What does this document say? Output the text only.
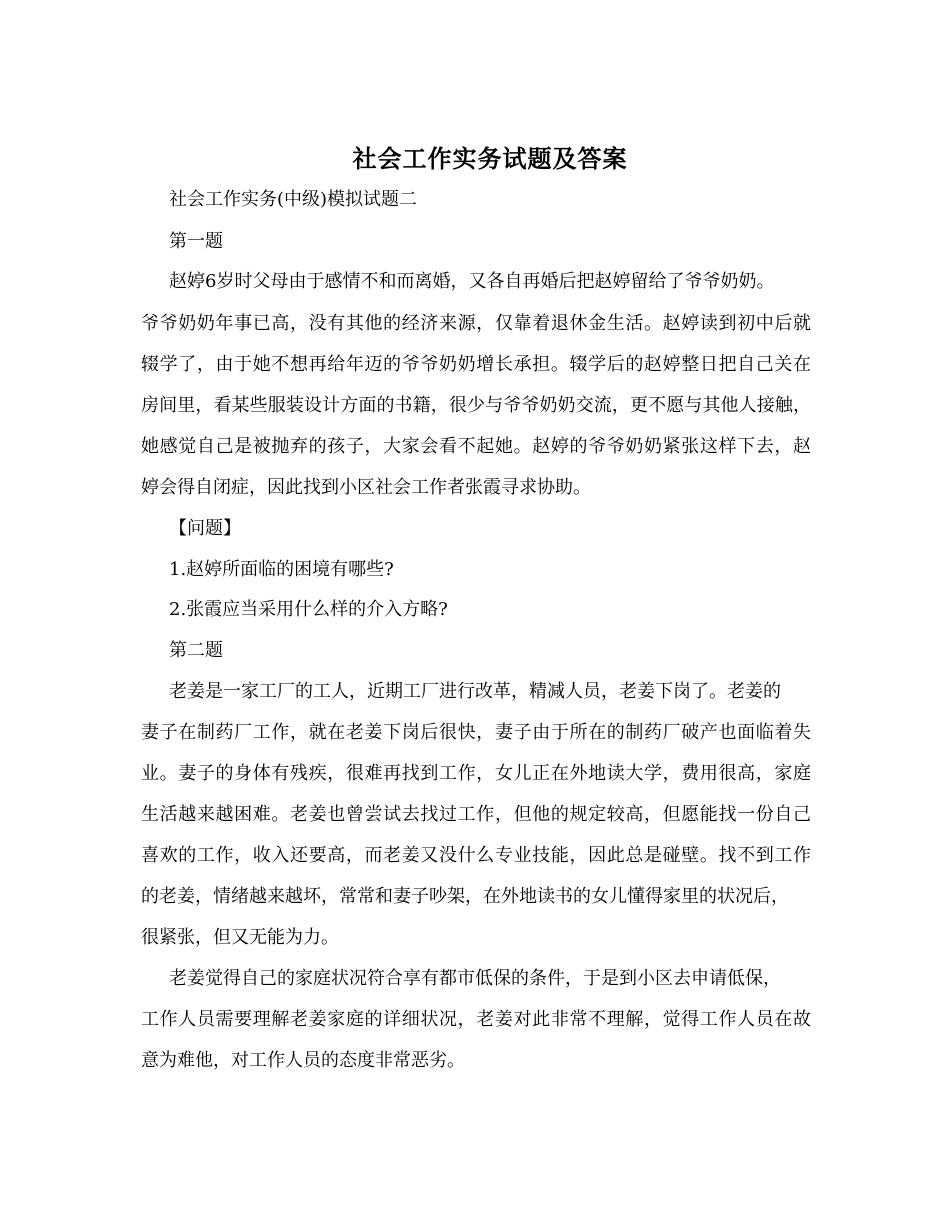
社会工作实务试题及答案
社会工作实务(中级)模拟试题二
第一题
赵婷6岁时父母由于感情不和而离婚，又各自再婚后把赵婷留给了爷爷奶奶。
爷爷奶奶年事已高，没有其他的经济来源，仅靠着退休金生活。赵婷读到初中后就
辍学了，由于她不想再给年迈的爷爷奶奶增长承担。辍学后的赵婷整日把自己关在
房间里，看某些服装设计方面的书籍，很少与爷爷奶奶交流，更不愿与其他人接触，
她感觉自己是被抛弃的孩子，大家会看不起她。赵婷的爷爷奶奶紧张这样下去，赵
婷会得自闭症，因此找到小区社会工作者张霞寻求协助。
【问题】
1.赵婷所面临的困境有哪些?
2.张霞应当采用什么样的介入方略?
第二题
老姜是一家工厂的工人，近期工厂进行改革，精减人员，老姜下岗了。老姜的
妻子在制药厂工作，就在老姜下岗后很快，妻子由于所在的制药厂破产也面临着失
业。妻子的身体有残疾，很难再找到工作，女儿正在外地读大学，费用很高，家庭
生活越来越困难。老姜也曾尝试去找过工作，但他的规定较高，但愿能找一份自己
喜欢的工作，收入还要高，而老姜又没什么专业技能，因此总是碰壁。找不到工作
的老姜，情绪越来越坏，常常和妻子吵架，在外地读书的女儿懂得家里的状况后，
很紧张，但又无能为力。
老姜觉得自己的家庭状况符合享有都市低保的条件，于是到小区去申请低保，
工作人员需要理解老姜家庭的详细状况，老姜对此非常不理解，觉得工作人员在故
意为难他，对工作人员的态度非常恶劣。
